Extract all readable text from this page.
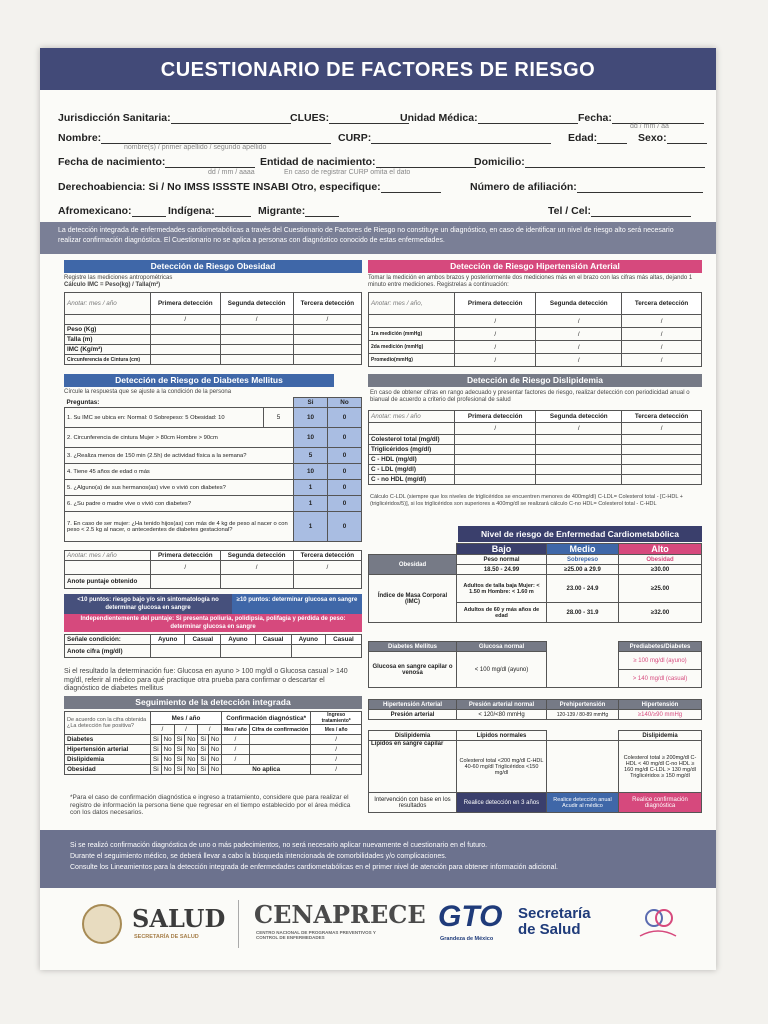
CUESTIONARIO DE FACTORES DE RIESGO
Jurisdicción Sanitaria:	CLUES:	Unidad Médica:	Fecha:
dd / mm / aa
Nombre:	CURP:	Edad:	Sexo:
nombre(s) / primer apellido / segundo apellido
En caso de registrar CURP omita el dato
Fecha de nacimiento:
dd / mm / aaaa
Entidad de nacimiento:	Domicilio:
Derechoabiencia: Si / No IMSS ISSSTE INSABI Otro, especifique:	Número de afiliación:
Afromexicano:	Indígena:	Migrante:	Tel / Cel:
La detección integrada de enfermedades cardiometabólicas a través del Cuestionario de Factores de Riesgo no constituye un diagnóstico, en caso de identificar un nivel de riesgo alto será necesario realizar confirmación diagnóstica. El Cuestionario no se aplica a personas con diagnóstico conocido de estas enfermedades.
Detección de Riesgo Obesidad
Registre las mediciones antropométricas
Cálculo IMC = Peso(kg) / Talla(m²)
Anotar: mes / año	Primera detección	Segunda detección	Tercera detección
	/	/	/
Peso (Kg)			
Talla (m)			
IMC (Kg/m²)			
Circunferencia de Cintura (cm)			
Detección de Riesgo Hipertensión Arterial
Tomar la medición en ambos brazos y posteriormente dos mediciones más en el brazo con las cifras más altas, dejando 1 minuto entre mediciones. Registrelas a continuación:
Anotar: mes / año,	Primera detección	Segunda detección	Tercera detección
	/	/	/
1ra medición (mmHg)	/	/	/
2da medición (mmHg)	/	/	/
Promedio(mmHg)	/	/	/
Detección de Riesgo de Diabetes Mellitus
Círcule la respuesta que se ajuste a la condición de la persona
Preguntas:		Si	No
1. Su IMC se ubica en: Normal: 0 Sobrepeso: 5 Obesidad: 10	5	10	0
2. Circunferencia de cintura Mujer > 80cm Hombre > 90cm		10	0
3. ¿Realiza menos de 150 min (2.5h) de actividad física a la semana?		5	0
4. Tiene 45 años de edad o más		10	0
5. ¿Alguno(a) de sus hermanos(as) vive o vivió con diabetes?		1	0
6. ¿Su padre o madre vive o vivió con diabetes?		1	0
7. En caso de ser mujer: ¿Ha tenido hijos(as) con más de 4 kg de peso al nacer o con peso < 2.5 kg al nacer, o antecedentes de diabetes gestacional?		1	0
Anotar: mes / año	Primera detección	Segunda detección	Tercera detección
	/	/	/
Anote puntaje obtenido			
<10 puntos: riesgo bajo y/o sin sintomatología no determinar glucosa en sangre
≥10 puntos: determinar glucosa en sangre
Independientemente del puntaje: Si presenta poliuria, polidipsia, polifagia y pérdida de peso: determinar glucosa en sangre
Señale condición:	Ayuno	Casual	Ayuno	Casual	Ayuno	Casual
Anote cifra (mg/dl)						
Si el resultado la determinación fue: Glucosa en ayuno > 100 mg/dl o Glucosa casual > 140 mg/dl, referir al médico para qué practique otra prueba para confirmar o descartar el diagnóstico de diabetes mellitus
Seguimiento de la detección integrada
De acuerdo con la cifra obtenida ¿La detección fue positiva?	Mes / año						Confirmación diagnóstica*		Ingreso tratamiento*
	/		/		/		Mes / año	Cifra de confirmación	Mes / año
Diabetes	Si	No	Si	No	Si	No	/		/
Hipertensión arterial	Si	No	Si	No	Si	No	/		/
Dislipidemia	Si	No	Si	No	Si	No	/		/
Obesidad	Si	No	Si	No	Si	No	No aplica		/
*Para el caso de confirmación diagnóstica e ingreso a tratamiento, considere que para realizar el registro de información la persona tiene que regresar en el tiempo establecido por el área médica con los datos necesarios.
Detección de Riesgo Dislipidemia
En caso de obtener cifras en rango adecuado y presentar factores de riesgo, realizar detección con periodicidad anual o bianual de acuerdo a criterio del profesional de salud
Anotar: mes / año	Primera detección	Segunda detección	Tercera detección
	/	/	/
Colesterol total (mg/dl)			
Triglicéridos (mg/dl)			
C - HDL (mg/dl)			
C - LDL (mg/dl)			
C - no HDL (mg/dl)			
Cálculo C-LDL (siempre que los niveles de triglicéridos se encuentren menores de 400mg/dl) C-LDL= Colesterol total - [C-HDL + (triglicéridos/5)], si los triglicéridos son superiores a 400mg/dl se realizará cálculo C-no HDL= Colesterol total - C-HDL
Nivel de riesgo de Enfermedad Cardiometabólica
	Bajo	Medio	Alto
Obesidad	Peso normal	Sobrepeso	Obesidad
	18.50 - 24.99	≥25.00 a 29.9	≥30.00
Índice de Masa Corporal (IMC)	Adultos de talla baja Mujer: < 1.50 m Hombre: < 1.60 m	23.00 - 24.9	≥25.00
	Adultos de 60 y más años de edad	28.00 - 31.9	≥32.00
Diabetes Mellitus	Glucosa normal		Prediabetes/Diabetes
Glucosa en sangre capilar o venosa	< 100 mg/dl (ayuno)		≥ 100 mg/dl (ayuno)
			> 140 mg/dl (casual)
Hipertensión Arterial	Presión arterial normal	Prehipertensión	Hipertensión
Presión arterial	< 120/<80 mmHg	120-139 / 80-89 mmHg	≥140/≥90 mmHg
Dislipidemia	Lípidos normales		Dislipidemia
Lípidos en sangre capilar	Colesterol total <200 mg/dl C-HDL 40-60 mg/dl Triglicéridos <150 mg/dl		Colesterol total ≥ 200mg/dl C-HDL < 40 mg/dl C-no HDL ≥ 160 mg/dl C-LDL > 130 mg/dl Triglicéridos ≥ 150 mg/dl
Intervención con base en los resultados	Realice detección en 3 años	Realice detección anual Acudir al médico	Realice confirmación diagnóstica
Si se realizó confirmación diagnóstica de uno o más padecimientos, no será necesario aplicar nuevamente el cuestionario en el futuro.
Durante el seguimiento médico, se deberá llevar a cabo la búsqueda intencionada de comorbilidades y/o complicaciones.
Consulte los Lineamientos para la detección integrada de enfermedades cardiometabólicas en el primer nivel de atención para obtener información adicional.
SALUD
SECRETARÍA DE SALUD
CENAPRECE
CENTRO NACIONAL DE PROGRAMAS PREVENTIVOS Y CONTROL DE ENFERMEDADES
GTO
Grandeza de México
Secretaría de Salud
